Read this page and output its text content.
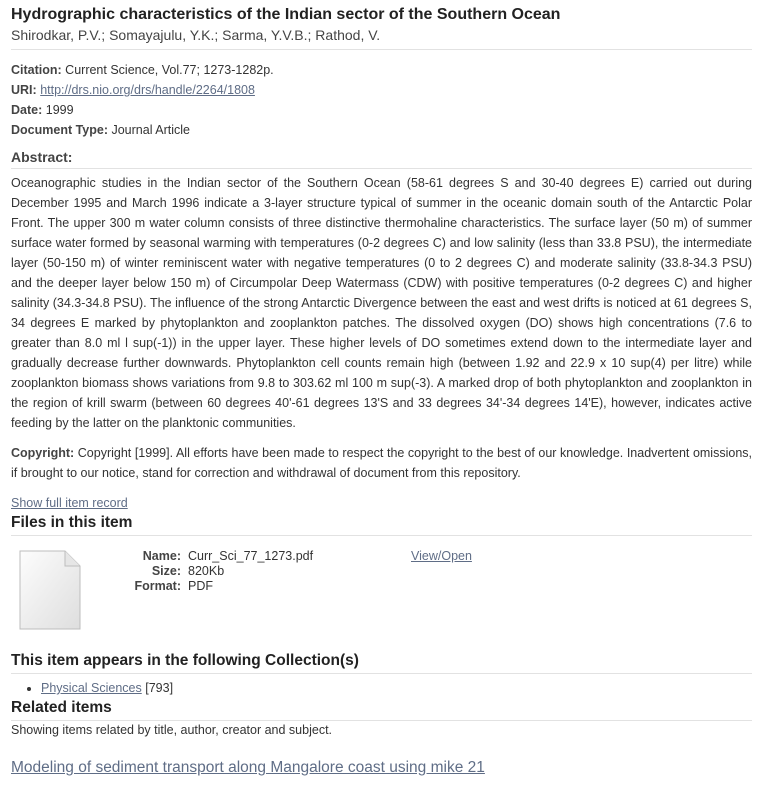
Hydrographic characteristics of the Indian sector of the Southern Ocean
Shirodkar, P.V.; Somayajulu, Y.K.; Sarma, Y.V.B.; Rathod, V.
Citation: Current Science, Vol.77; 1273-1282p.
URI: http://drs.nio.org/drs/handle/2264/1808
Date: 1999
Document Type: Journal Article
Abstract:
Oceanographic studies in the Indian sector of the Southern Ocean (58-61 degrees S and 30-40 degrees E) carried out during December 1995 and March 1996 indicate a 3-layer structure typical of summer in the oceanic domain south of the Antarctic Polar Front. The upper 300 m water column consists of three distinctive thermohaline characteristics. The surface layer (50 m) of summer surface water formed by seasonal warming with temperatures (0-2 degrees C) and low salinity (less than 33.8 PSU), the intermediate layer (50-150 m) of winter reminiscent water with negative temperatures (0 to 2 degrees C) and moderate salinity (33.8-34.3 PSU) and the deeper layer below 150 m) of Circumpolar Deep Watermass (CDW) with positive temperatures (0-2 degrees C) and higher salinity (34.3-34.8 PSU). The influence of the strong Antarctic Divergence between the east and west drifts is noticed at 61 degrees S, 34 degrees E marked by phytoplankton and zooplankton patches. The dissolved oxygen (DO) shows high concentrations (7.6 to greater than 8.0 ml l sup(-1)) in the upper layer. These higher levels of DO sometimes extend down to the intermediate layer and gradually decrease further downwards. Phytoplankton cell counts remain high (between 1.92 and 22.9 x 10 sup(4) per litre) while zooplankton biomass shows variations from 9.8 to 303.62 ml 100 m sup(-3). A marked drop of both phytoplankton and zooplankton in the region of krill swarm (between 60 degrees 40'-61 degrees 13'S and 33 degrees 34'-34 degrees 14'E), however, indicates active feeding by the latter on the planktonic communities.
Copyright: Copyright [1999]. All efforts have been made to respect the copyright to the best of our knowledge. Inadvertent omissions, if brought to our notice, stand for correction and withdrawal of document from this repository.
Show full item record
Files in this item
Name: Curr_Sci_77_1273.pdf
Size: 820Kb
Format: PDF
View/Open
This item appears in the following Collection(s)
• Physical Sciences [793]
Related items
Showing items related by title, author, creator and subject.
Modeling of sediment transport along Mangalore coast using mike 21
